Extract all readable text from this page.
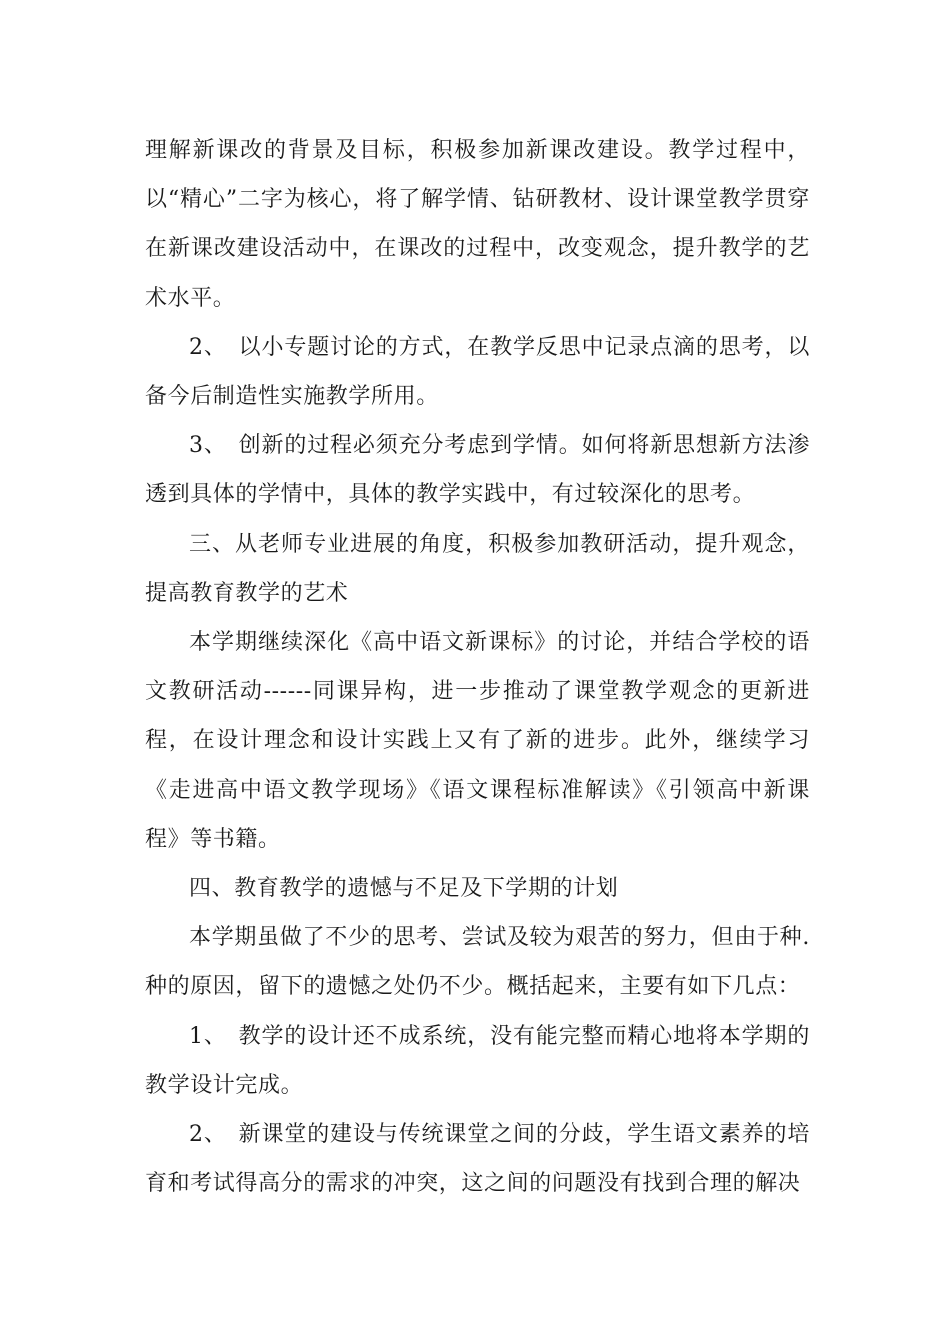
理解新课改的背景及目标，积极参加新课改建设。教学过程中，以“精心”二字为核心，将了解学情、钻研教材、设计课堂教学贯穿在新课改建设活动中，在课改的过程中，改变观念，提升教学的艺术水平。

2、　以小专题讨论的方式，在教学反思中记录点滴的思考，以备今后制造性实施教学所用。

3、　创新的过程必须充分考虑到学情。如何将新思想新方法渗透到具体的学情中，具体的教学实践中，有过较深化的思考。

三、从老师专业进展的角度，积极参加教研活动，提升观念，提高教育教学的艺术

本学期继续深化《高中语文新课标》的讨论，并结合学校的语文教研活动------同课异构，进一步推动了课堂教学观念的更新进程，在设计理念和设计实践上又有了新的进步。此外，继续学习《走进高中语文教学现场》《语文课程标准解读》《引领高中新课程》等书籍。

四、教育教学的遗憾与不足及下学期的计划

本学期虽做了不少的思考、尝试及较为艰苦的努力，但由于种.种的原因，留下的遗憾之处仍不少。概括起来，主要有如下几点：

1、　教学的设计还不成系统，没有能完整而精心地将本学期的教学设计完成。

2、　新课堂的建设与传统课堂之间的分歧，学生语文素养的培育和考试得高分的需求的冲突，这之间的问题没有找到合理的解决
